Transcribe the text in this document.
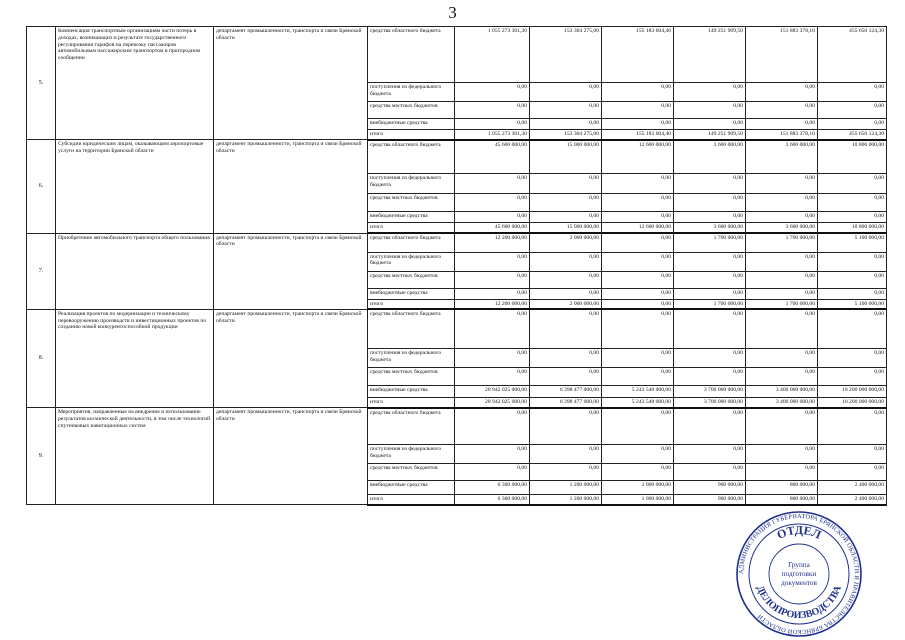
3
5.	Компенсация транспортным организациям части потерь в доходах, возникающих в результате государственного регулирования тарифов на перевозку пассажиров автомобильным пассажирским транспортом в пригородном сообщении	департамент промышленности, транспорта и связи Брянской области	средства областного бюджета	1 055 273 301,30	153 304 275,00	155 183 604,40	149 251 909,50	151 883 378,10	455 650 124,30
			поступления из федерального бюджета	0,00	0,00	0,00	0,00	0,00	0,00
			средства местных бюджетов	0,00	0,00	0,00	0,00	0,00	0,00
			внебюджетные средства	0,00	0,00	0,00	0,00	0,00	0,00
			итого	1 055 273 301,30	153 304 275,00	155 183 604,40	149 251 909,50	151 883 378,10	455 650 124,30
6.	Субсидии юридическим лицам, оказывающим аэропортовые услуги на территории Брянской области	департамент промышленности, транспорта и связи Брянской области	средства областного бюджета	45 600 000,00	15 000 000,00	12 600 000,00	3 600 000,00	3 600 000,00	10 800 000,00
			поступления из федерального бюджета	0,00	0,00	0,00	0,00	0,00	0,00
			средства местных бюджетов	0,00	0,00	0,00	0,00	0,00	0,00
			внебюджетные средства	0,00	0,00	0,00	0,00	0,00	0,00
			итого	45 600 000,00	15 000 000,00	12 600 000,00	3 600 000,00	3 600 000,00	10 800 000,00
7.	Приобретение автомобильного транспорта общего пользования	департамент промышленности, транспорта и связи Брянской области	средства областного бюджета	12 200 000,00	2 000 000,00	0,00	1 700 000,00	1 700 000,00	5 100 000,00
			поступления из федерального бюджета	0,00	0,00	0,00	0,00	0,00	0,00
			средства местных бюджетов	0,00	0,00	0,00	0,00	0,00	0,00
			внебюджетные средства	0,00	0,00	0,00	0,00	0,00	0,00
			итого	12 200 000,00	2 000 000,00	0,00	1 700 000,00	1 700 000,00	5 100 000,00
8.	Реализация проектов по модернизации и техническому перевооружению производств и инвестиционных проектов по созданию новой конкурентоспособной продукции	департамент промышленности, транспорта и связи Брянской области	средства областного бюджета	0,00	0,00	0,00	0,00	0,00	0,00
			поступления из федерального бюджета	0,00	0,00	0,00	0,00	0,00	0,00
			средства местных бюджетов	0,00	0,00	0,00	0,00	0,00	0,00
			внебюджетные средства	28 942 025 000,00	6 398 477 000,00	5 243 548 000,00	3 700 000 000,00	3 400 000 000,00	10 200 000 000,00
			итого	28 942 025 000,00	6 398 477 000,00	5 243 548 000,00	3 700 000 000,00	3 400 000 000,00	10 200 000 000,00
9.	Мероприятия, направленные на внедрение и использование результатов космической деятельности, в том числе технологий спутниковых навигационных систем	департамент промышленности, транспорта и связи Брянской области	средства областного бюджета	0,00	0,00	0,00	0,00	0,00	0,00
			поступления из федерального бюджета	0,00	0,00	0,00	0,00	0,00	0,00
			средства местных бюджетов	0,00	0,00	0,00	0,00	0,00	0,00
			внебюджетные средства	6 300 000,00	1 200 000,00	1 000 000,00	900 000,00	800 000,00	2 400 000,00
			итого	6 300 000,00	1 200 000,00	1 000 000,00	900 000,00	800 000,00	2 400 000,00
АДМИНИСТРАЦИЯ ГУБЕРНАТОРА БРЯНСКОЙ ОБЛАСТИ И ПРАВИТЕЛЬСТВА БРЯНСКОЙ ОБЛАСТИ
ОТДЕЛ
ДЕЛОПРОИЗВОДСТВА
Группа
подготовки
документов
